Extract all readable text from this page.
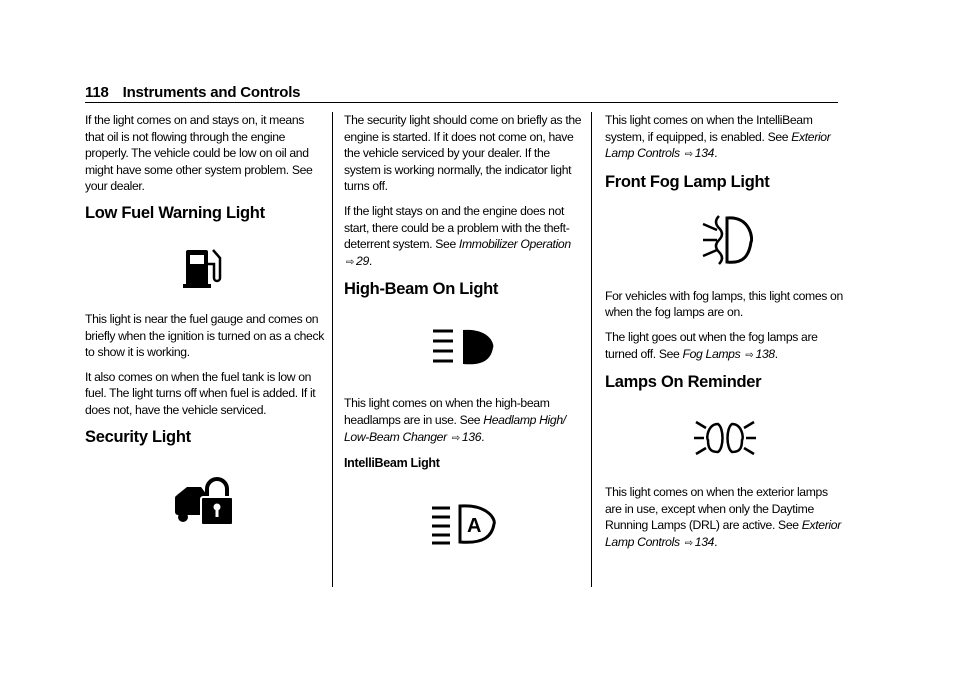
118 Instruments and Controls

If the light comes on and stays on, it means that oil is not flowing through the engine properly. The vehicle could be low on oil and might have some other system problem. See your dealer.

Low Fuel Warning Light

This light is near the fuel gauge and comes on briefly when the ignition is turned on as a check to show it is working.

It also comes on when the fuel tank is low on fuel. The light turns off when fuel is added. If it does not, have the vehicle serviced.

Security Light

The security light should come on briefly as the engine is started. If it does not come on, have the vehicle serviced by your dealer. If the system is working normally, the indicator light turns off.

If the light stays on and the engine does not start, there could be a problem with the theft-deterrent system. See Immobilizer Operation ⇨ 29.

High-Beam On Light

This light comes on when the high-beam headlamps are in use. See Headlamp High/ Low-Beam Changer ⇨ 136.

IntelliBeam Light
A

This light comes on when the IntelliBeam system, if equipped, is enabled. See Exterior Lamp Controls ⇨ 134.

Front Fog Lamp Light

For vehicles with fog lamps, this light comes on when the fog lamps are on.

The light goes out when the fog lamps are turned off. See Fog Lamps ⇨ 138.

Lamps On Reminder

This light comes on when the exterior lamps are in use, except when only the Daytime Running Lamps (DRL) are active. See Exterior Lamp Controls ⇨ 134.
